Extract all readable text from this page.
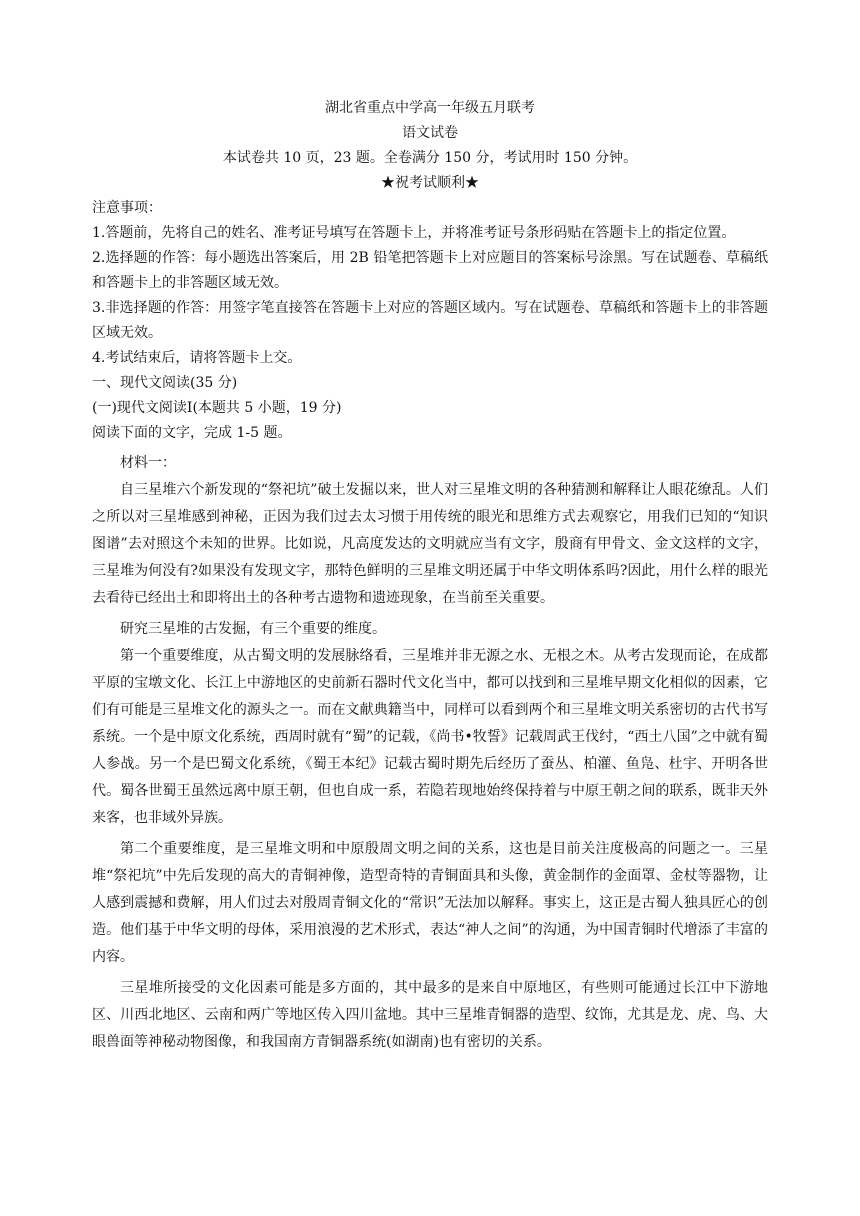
湖北省重点中学高一年级五月联考
语文试卷
本试卷共 10 页，23 题。全卷满分 150 分，考试用时 150 分钟。
★祝考试顺利★

注意事项：

1.答题前，先将自己的姓名、准考证号填写在答题卡上，并将准考证号条形码贴在答题卡上的指定位置。

2.选择题的作答：每小题选出答案后，用 2B 铅笔把答题卡上对应题目的答案标号涂黑。写在试题卷、草稿纸和答题卡上的非答题区域无效。

3.非选择题的作答：用签字笔直接答在答题卡上对应的答题区域内。写在试题卷、草稿纸和答题卡上的非答题区域无效。

4.考试结束后，请将答题卡上交。

一、现代文阅读(35 分)

(一)现代文阅读Ⅰ(本题共 5 小题，19 分)

阅读下面的文字，完成 1-5 题。

材料一：

自三星堆六个新发现的“祭祀坑”破土发掘以来，世人对三星堆文明的各种猜测和解释让人眼花缭乱。人们之所以对三星堆感到神秘，正因为我们过去太习惯于用传统的眼光和思维方式去观察它，用我们已知的“知识图谱”去对照这个未知的世界。比如说，凡高度发达的文明就应当有文字，殷商有甲骨文、金文这样的文字，三星堆为何没有?如果没有发现文字，那特色鲜明的三星堆文明还属于中华文明体系吗?因此，用什么样的眼光去看待已经出土和即将出土的各种考古遗物和遗迹现象，在当前至关重要。

研究三星堆的古发掘，有三个重要的维度。

第一个重要维度，从古蜀文明的发展脉络看，三星堆并非无源之水、无根之木。从考古发现而论，在成都平原的宝墩文化、长江上中游地区的史前新石器时代文化当中，都可以找到和三星堆早期文化相似的因素，它们有可能是三星堆文化的源头之一。而在文献典籍当中，同样可以看到两个和三星堆文明关系密切的古代书写系统。一个是中原文化系统，西周时就有“蜀”的记载，《尚书•牧誓》记载周武王伐纣，“西土八国”之中就有蜀人参战。另一个是巴蜀文化系统，《蜀王本纪》记载古蜀时期先后经历了蚕丛、柏灌、鱼凫、杜宇、开明各世代。蜀各世蜀王虽然远离中原王朝，但也自成一系，若隐若现地始终保持着与中原王朝之间的联系，既非天外来客，也非域外异族。

第二个重要维度，是三星堆文明和中原殷周文明之间的关系，这也是目前关注度极高的问题之一。三星堆“祭祀坑”中先后发现的高大的青铜神像，造型奇特的青铜面具和头像，黄金制作的金面罩、金杖等器物，让人感到震撼和费解，用人们过去对殷周青铜文化的“常识”无法加以解释。事实上，这正是古蜀人独具匠心的创造。他们基于中华文明的母体，采用浪漫的艺术形式，表达“神人之间”的沟通，为中国青铜时代增添了丰富的内容。

三星堆所接受的文化因素可能是多方面的，其中最多的是来自中原地区，有些则可能通过长江中下游地区、川西北地区、云南和两广等地区传入四川盆地。其中三星堆青铜器的造型、纹饰，尤其是龙、虎、鸟、大眼兽面等神秘动物图像，和我国南方青铜器系统(如湖南)也有密切的关系。
